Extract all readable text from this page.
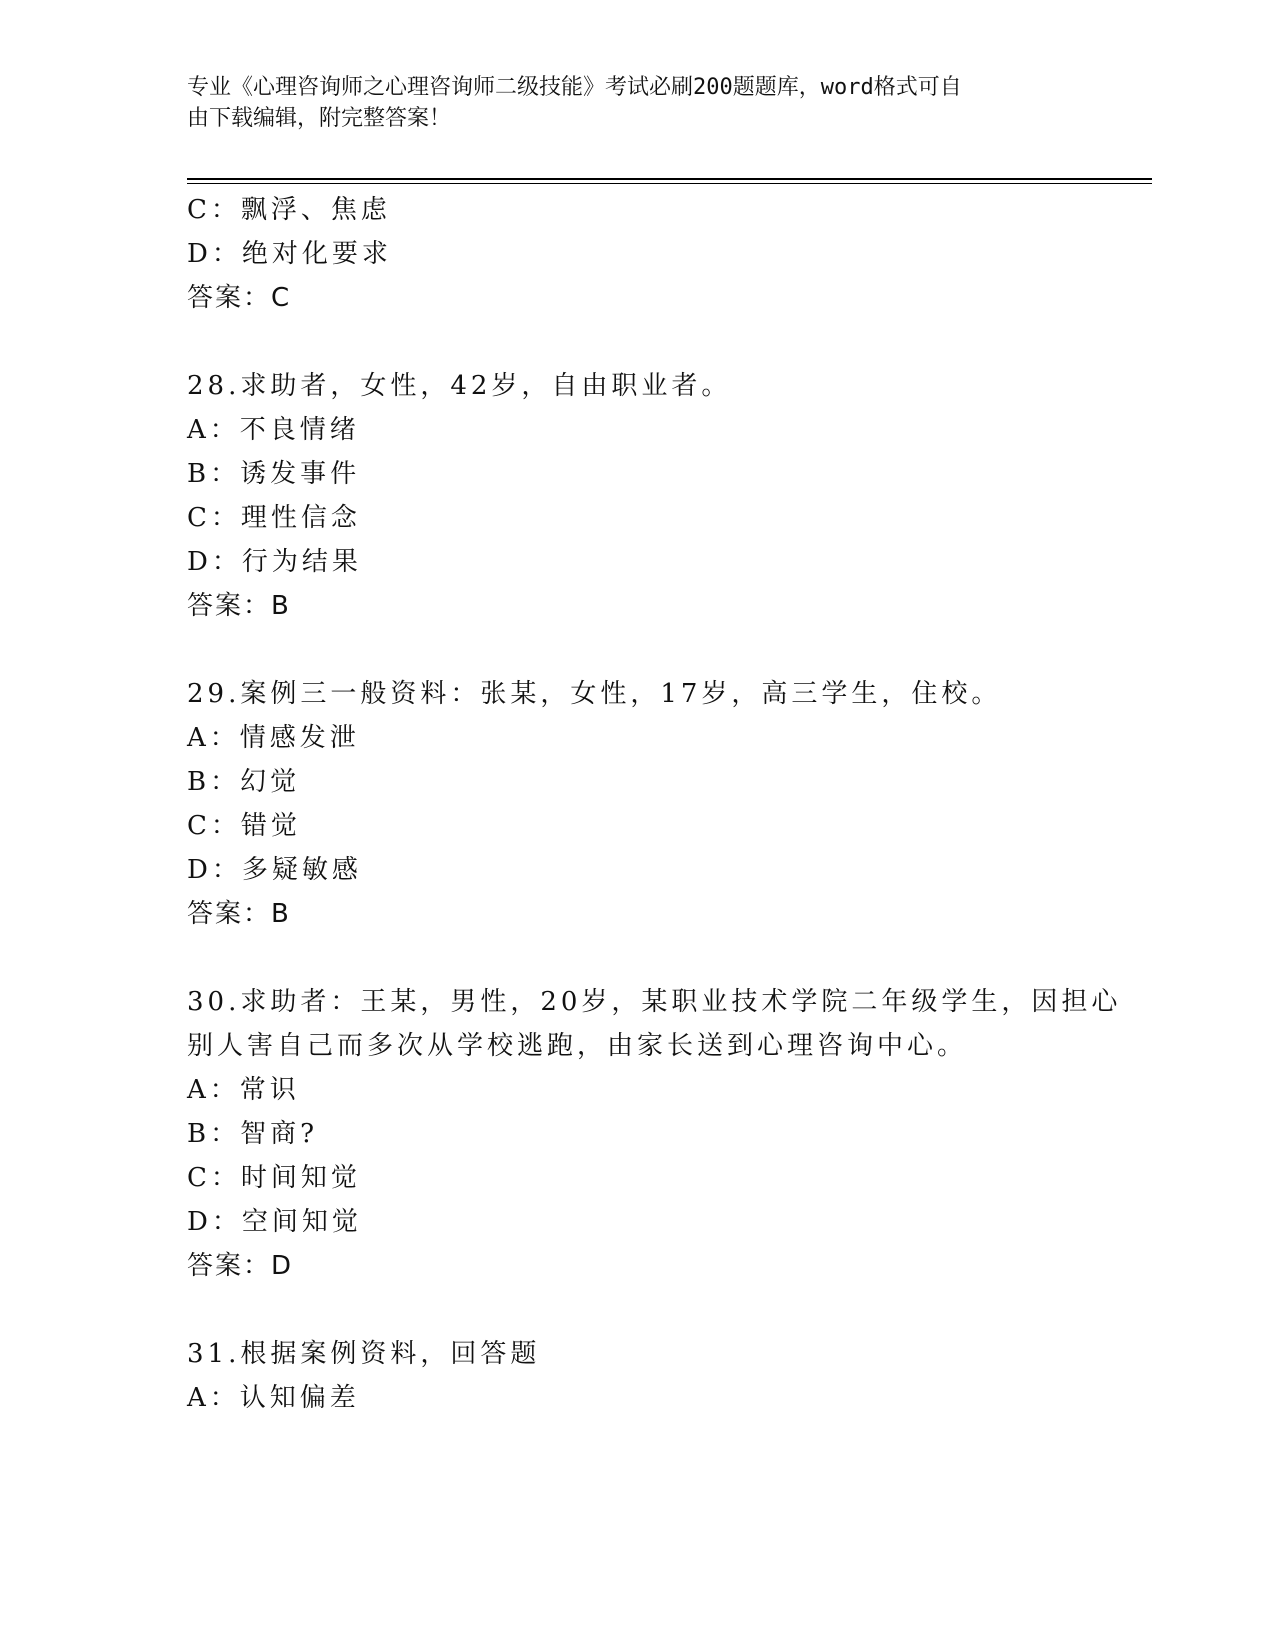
专业《心理咨询师之心理咨询师二级技能》考试必刷200题题库，word格式可自
由下载编辑，附完整答案！
C：飘浮、焦虑
D：绝对化要求
答案：C
28.求助者，女性，42岁，自由职业者。
A：不良情绪
B：诱发事件
C：理性信念
D：行为结果
答案：B
29.案例三一般资料：张某，女性，17岁，高三学生，住校。
A：情感发泄
B：幻觉
C：错觉
D：多疑敏感
答案：B
30.求助者：王某，男性，20岁，某职业技术学院二年级学生，因担心
别人害自己而多次从学校逃跑，由家长送到心理咨询中心。
A：常识
B：智商?
C：时间知觉
D：空间知觉
答案：D
31.根据案例资料，回答题
A：认知偏差
